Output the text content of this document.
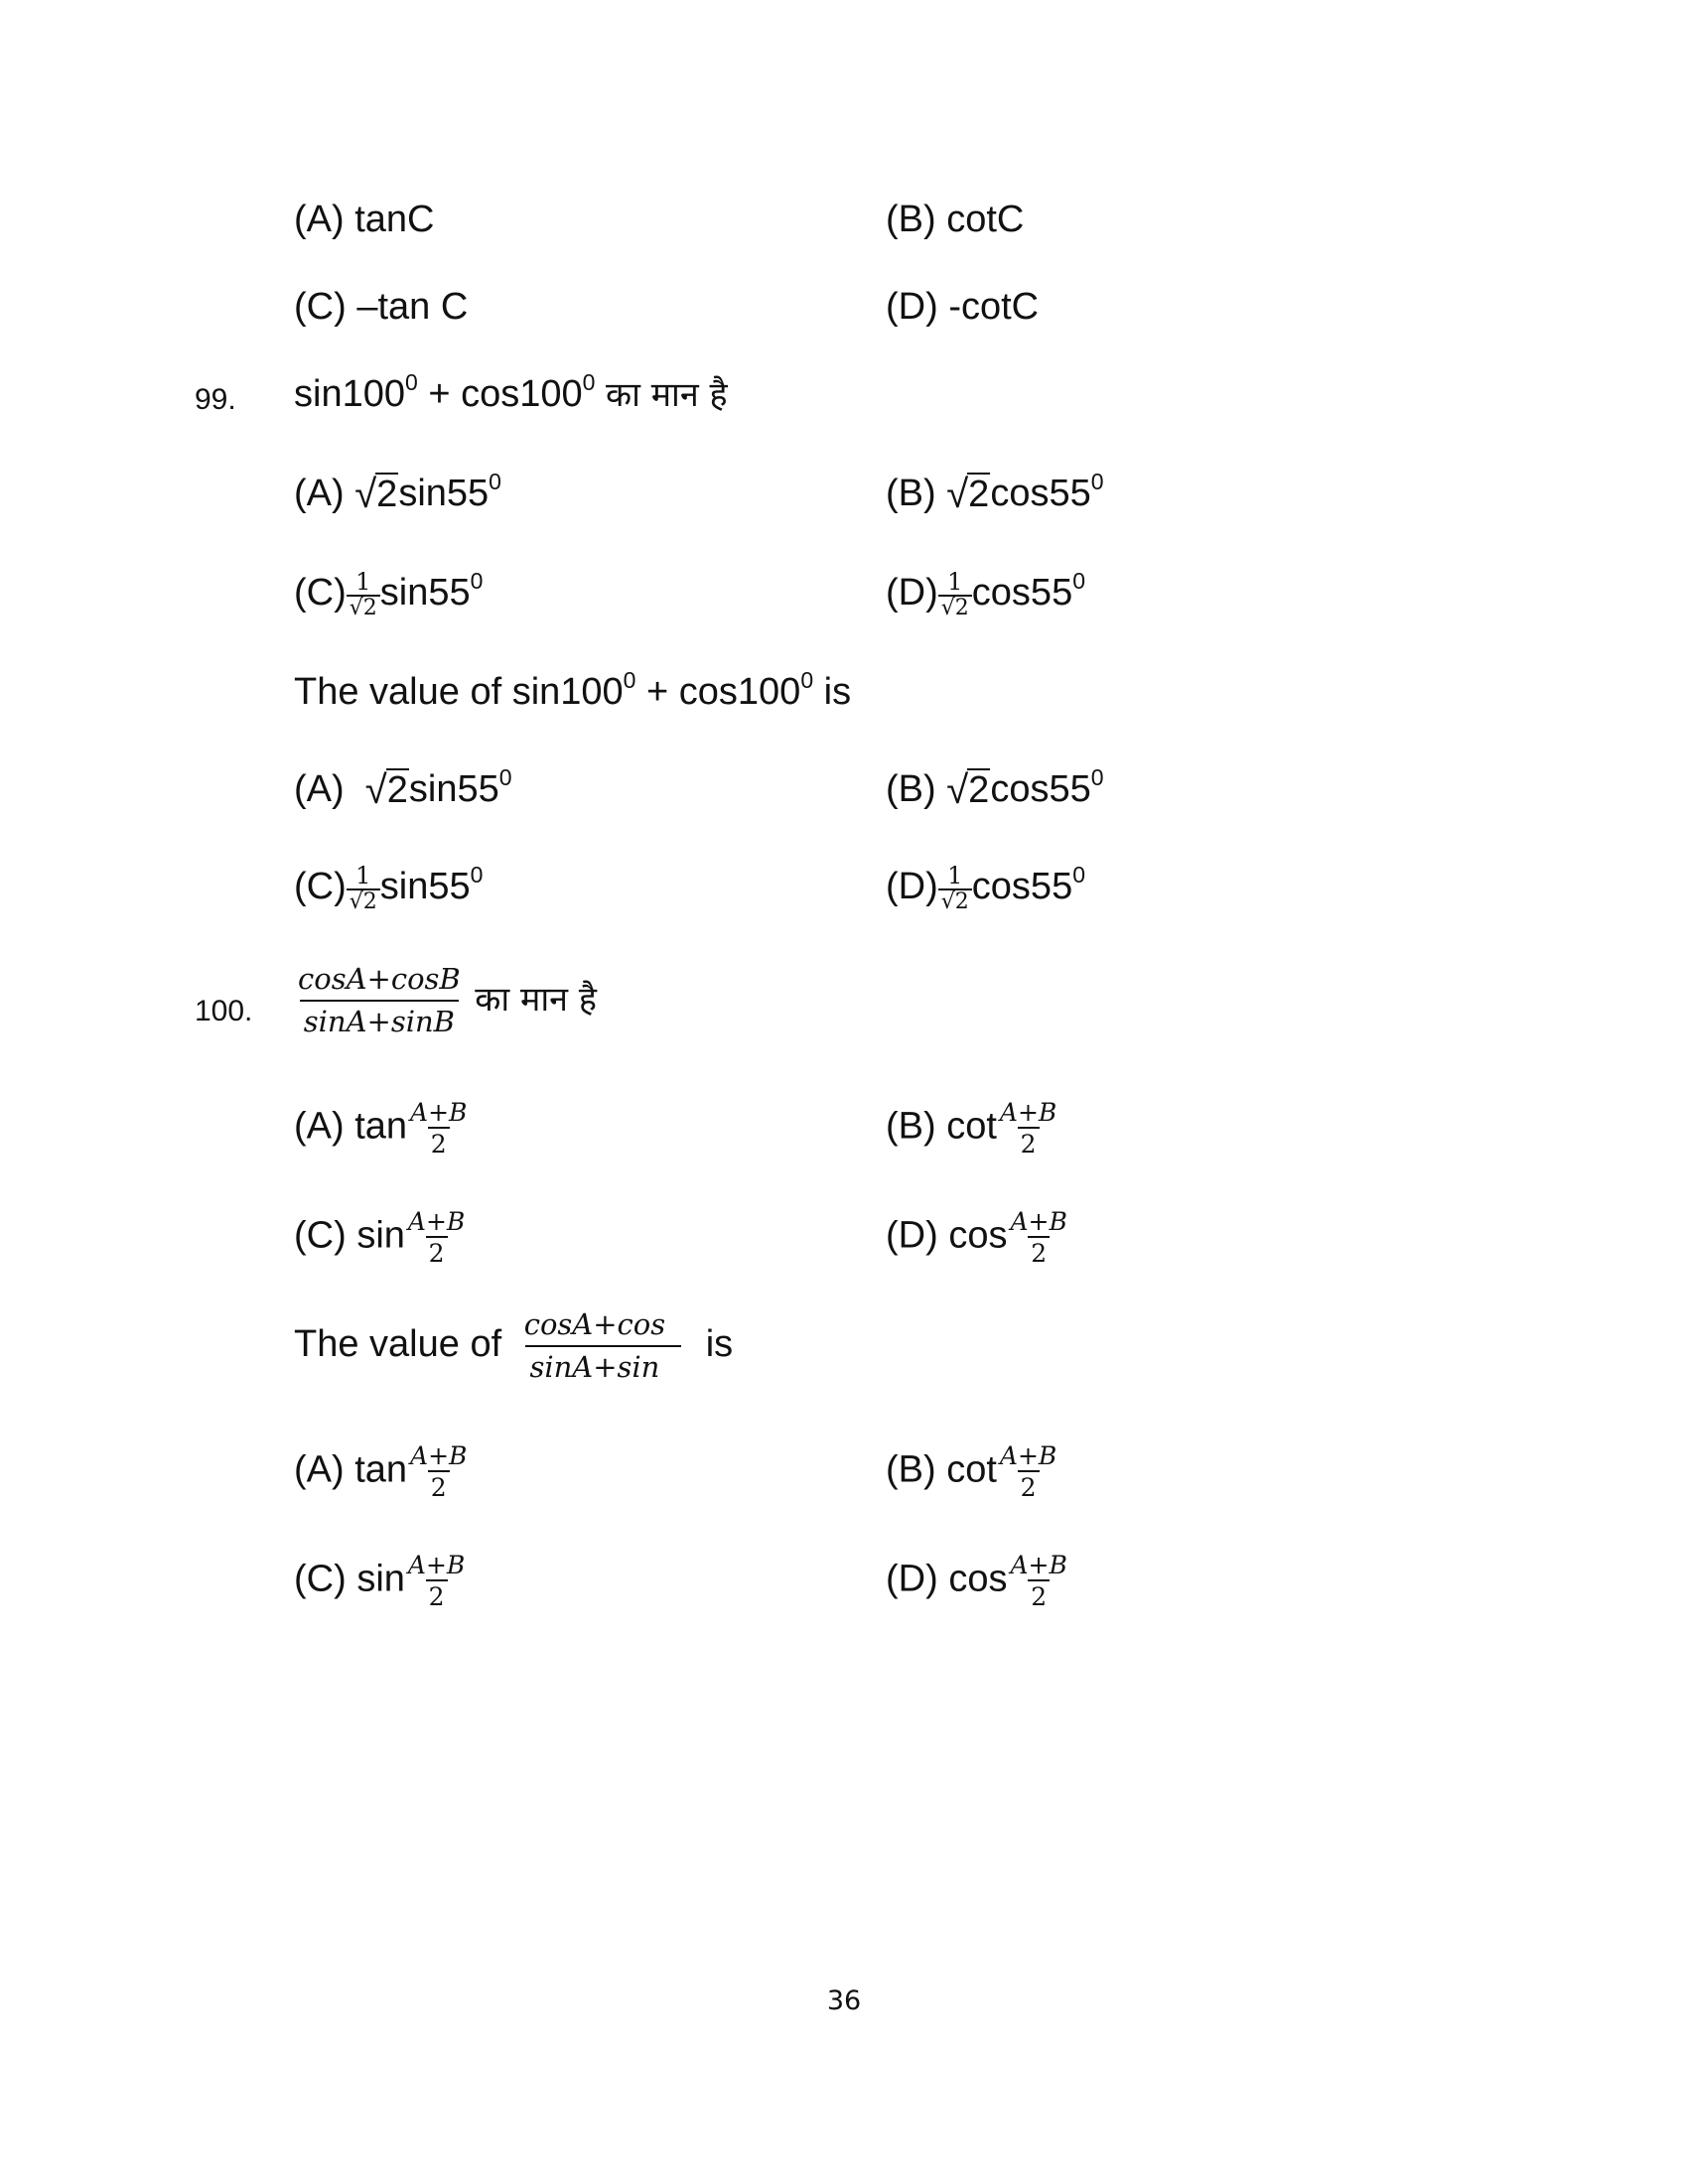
(A) tanC	(B) cotC
(C) –tan C	(D) -cotC
99. $\sin 100^0 + \cos 100^0$ का मान है
(A) √ 2 $\sin 55^0$	(B) √ 2 $\cos 55^0$
$(C) \frac{1}{√2} \sin 55^0$	$(D) \frac{1}{√2} \cos 55^0$
The value of $\sin 100^0 + \cos 100^0$ is
(A) √ 2 $\sin 55^0$	(B) √ 2 $\cos 55^0$
$(C) \frac{1}{√2} \sin 55^0$	$(D) \frac{1}{√2} \cos 55^0$
100. $\frac{\cos A+\cos B}{\sin A+\sin B}$ का मान है
(A) $\tan \frac{A+B}{2}$	(B) $\cot \frac{A+B}{2}$
(C) $\sin \frac{A+B}{2}$	(D) $\cos \frac{A+B}{2}$
The value of $\frac{\cos A+\cos}{\sin A+\sin}$ is
(A) $\tan \frac{A+B}{2}$	(B) $\cot \frac{A+B}{2}$
(C) $\sin \frac{A+B}{2}$	(D) $\cos \frac{A+B}{2}$
36
